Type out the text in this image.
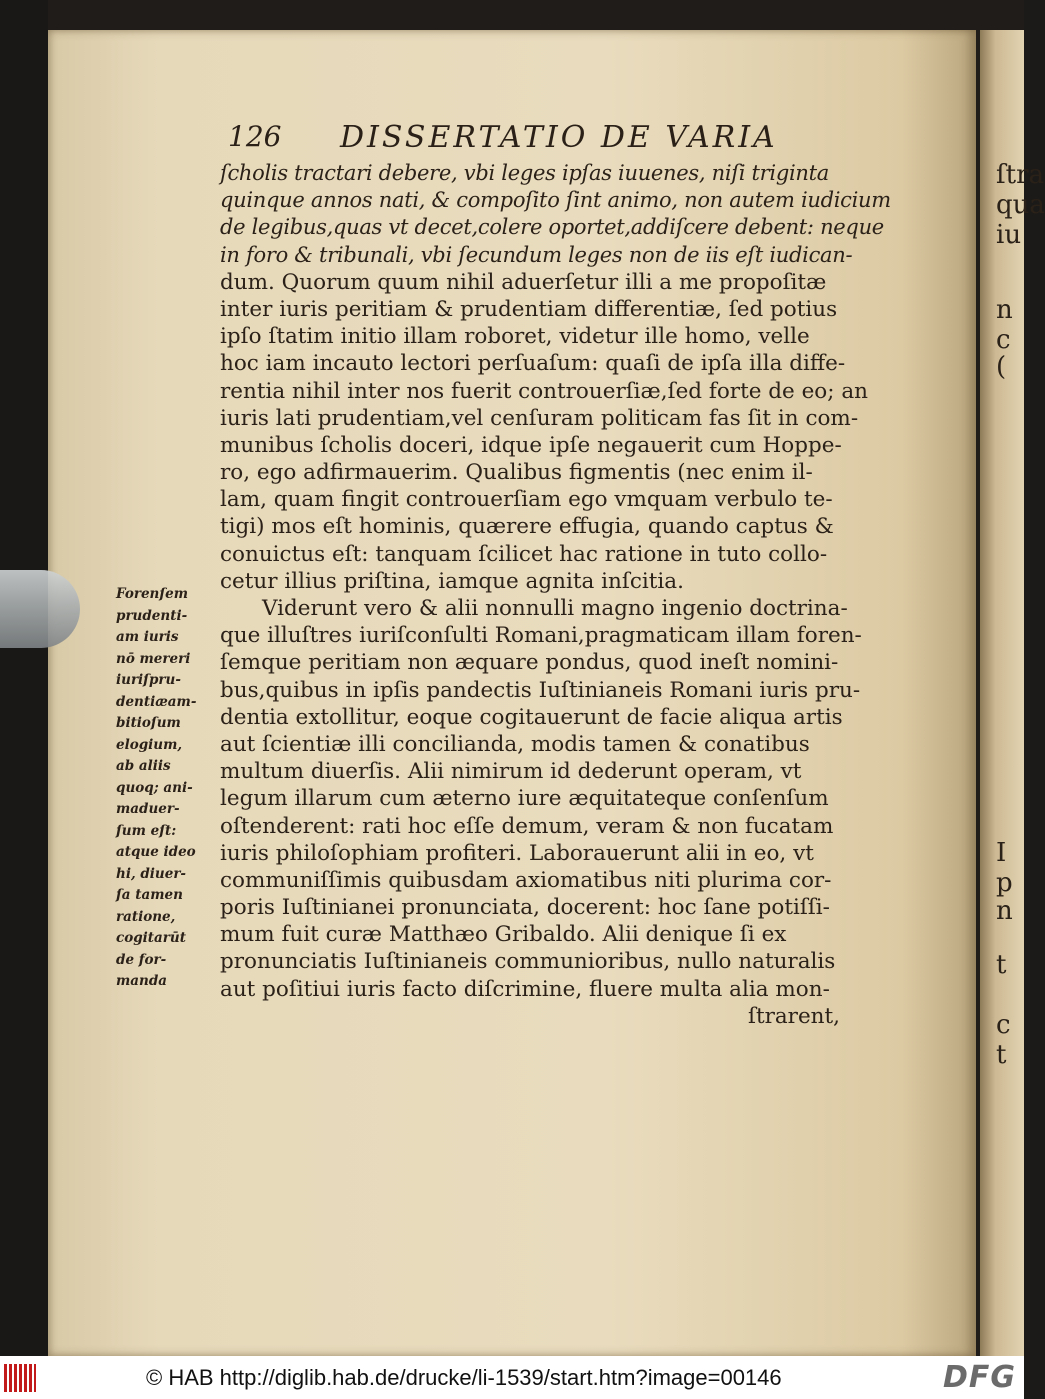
ſtra
qua
iu
n
c
(
I
p
n
t
c
t
126 DISSERTATIO DE VARIA
ſcholis tractari debere, vbi leges ipſas iuuenes, niſi triginta
quinque annos nati, & compoſito ſint animo, non autem iudicium
de legibus,quas vt decet,colere oportet,addiſcere debent: neque
in foro & tribunali, vbi ſecundum leges non de iis eſt iudican-
dum. Quorum quum nihil aduerſetur illi a me propoſitæ
inter iuris peritiam & prudentiam differentiæ, ſed potius
ipſo ſtatim initio illam roboret, videtur ille homo, velle
hoc iam incauto lectori perſuaſum: quaſi de ipſa illa diffe-
rentia nihil inter nos fuerit controuerſiæ,ſed forte de eo; an
iuris lati prudentiam,vel cenſuram politicam fas ſit in com-
munibus ſcholis doceri, idque ipſe negauerit cum Hoppe-
ro, ego adfirmauerim. Qualibus figmentis (nec enim il-
lam, quam fingit controuerſiam ego vmquam verbulo te-
tigi) mos eſt hominis, quærere effugia, quando captus &
conuictus eſt: tanquam ſcilicet hac ratione in tuto collo-
cetur illius priſtina, iamque agnita inſcitia.
Viderunt vero & alii nonnulli magno ingenio doctrina-
que illuſtres iuriſconſulti Romani,pragmaticam illam foren-
ſemque peritiam non æquare pondus, quod ineſt nomini-
bus,quibus in ipſis pandectis Iuſtinianeis Romani iuris pru-
dentia extollitur, eoque cogitauerunt de facie aliqua artis
aut ſcientiæ illi concilianda, modis tamen & conatibus
multum diuerſis. Alii nimirum id dederunt operam, vt
legum illarum cum æterno iure æquitateque conſenſum
oſtenderent: rati hoc eſſe demum, veram & non fucatam
iuris philoſophiam profiteri. Laborauerunt alii in eo, vt
communiſſimis quibusdam axiomatibus niti plurima cor-
poris Iuſtinianei pronunciata, docerent: hoc ſane potiſſi-
mum fuit curæ Matthæo Gribaldo. Alii denique ſi ex
pronunciatis Iuſtinianeis communioribus, nullo naturalis
aut poſitiui iuris facto diſcrimine, fluere multa alia mon-
ſtrarent,
Forenſem
prudenti-
am iuris
nō mereri
iuriſpru-
dentiæam-
bitioſum
elogium,
ab aliis
quoq; ani-
maduer-
ſum eſt:
atque ideo
hi, diuer-
ſa tamen
ratione,
cogitarūt
de for-
manda
© HAB http://diglib.hab.de/drucke/li-1539/start.htm?image=00146	DFG
